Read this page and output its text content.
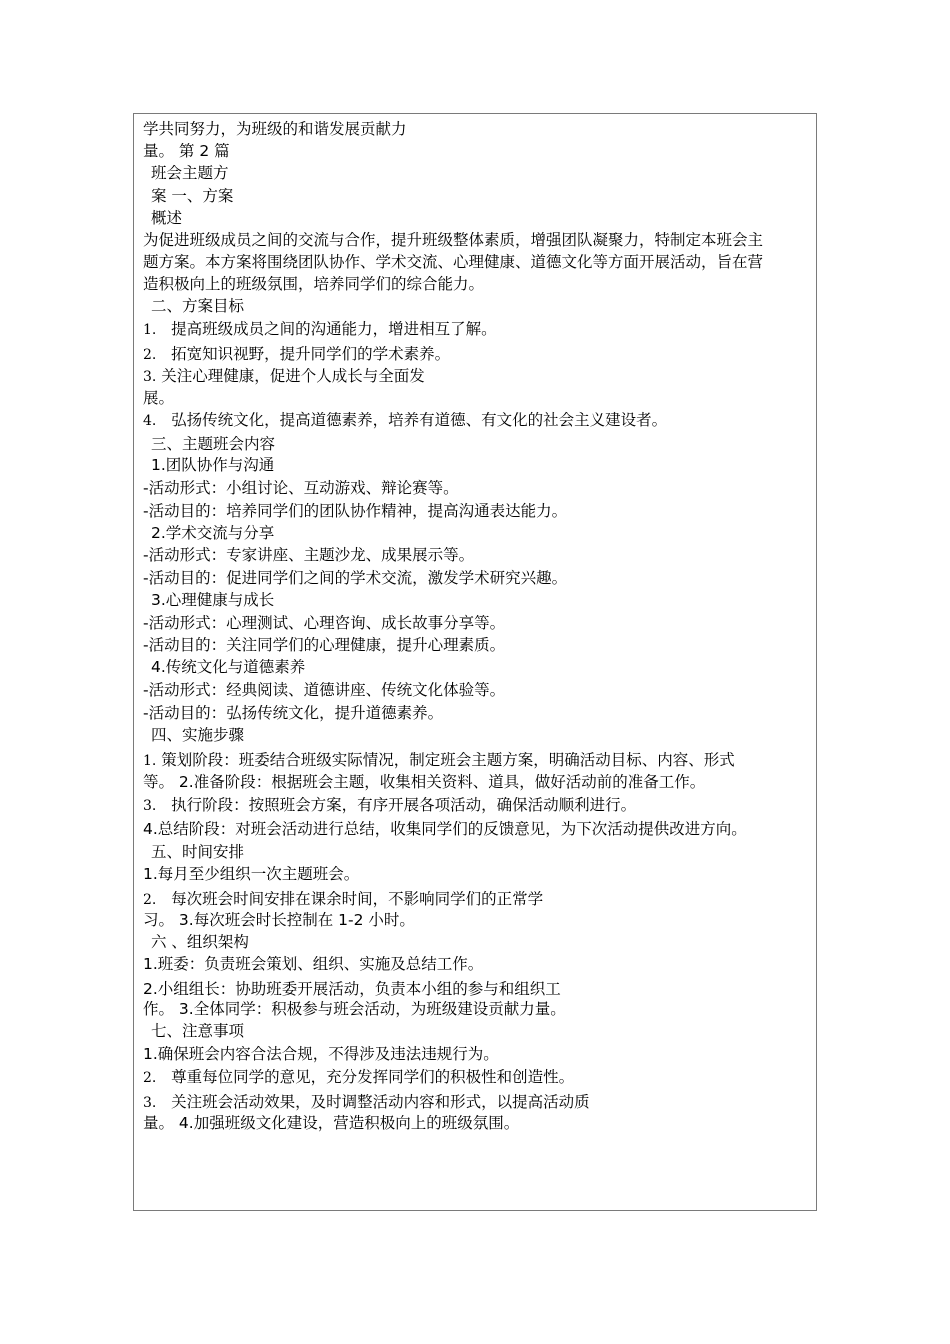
学共同努力，为班级的和谐发展贡献力
量。 第 2 篇
班会主题方
案 一、方案
概述
为促进班级成员之间的交流与合作，提升班级整体素质，增强团队凝聚力，特制定本班会主
题方案。本方案将围绕团队协作、学术交流、心理健康、道德文化等方面开展活动，旨在营
造积极向上的班级氛围，培养同学们的综合能力。
二、方案目标
1. 提高班级成员之间的沟通能力，增进相互了解。
2. 拓宽知识视野，提升同学们的学术素养。
3. 关注心理健康，促进个人成长与全面发
展。
4. 弘扬传统文化，提高道德素养，培养有道德、有文化的社会主义建设者。
三、主题班会内容
1.团队协作与沟通
-活动形式：小组讨论、互动游戏、辩论赛等。
-活动目的：培养同学们的团队协作精神，提高沟通表达能力。
2.学术交流与分享
-活动形式：专家讲座、主题沙龙、成果展示等。
-活动目的：促进同学们之间的学术交流，激发学术研究兴趣。
3.心理健康与成长
-活动形式：心理测试、心理咨询、成长故事分享等。
-活动目的：关注同学们的心理健康，提升心理素质。
4.传统文化与道德素养
-活动形式：经典阅读、道德讲座、传统文化体验等。
-活动目的：弘扬传统文化，提升道德素养。
四、实施步骤
1. 策划阶段：班委结合班级实际情况，制定班会主题方案，明确活动目标、内容、形式
等。 2.准备阶段：根据班会主题，收集相关资料、道具，做好活动前的准备工作。
3. 执行阶段：按照班会方案，有序开展各项活动，确保活动顺利进行。
4.总结阶段：对班会活动进行总结，收集同学们的反馈意见，为下次活动提供改进方向。
五、时间安排
1.每月至少组织一次主题班会。
2. 每次班会时间安排在课余时间，不影响同学们的正常学
习。 3.每次班会时长控制在 1-2 小时。
六 、组织架构
1.班委：负责班会策划、组织、实施及总结工作。
2.小组组长：协助班委开展活动，负责本小组的参与和组织工
作。 3.全体同学：积极参与班会活动，为班级建设贡献力量。
七、注意事项
1.确保班会内容合法合规，不得涉及违法违规行为。
2. 尊重每位同学的意见，充分发挥同学们的积极性和创造性。
3. 关注班会活动效果，及时调整活动内容和形式，以提高活动质
量。 4.加强班级文化建设，营造积极向上的班级氛围。
